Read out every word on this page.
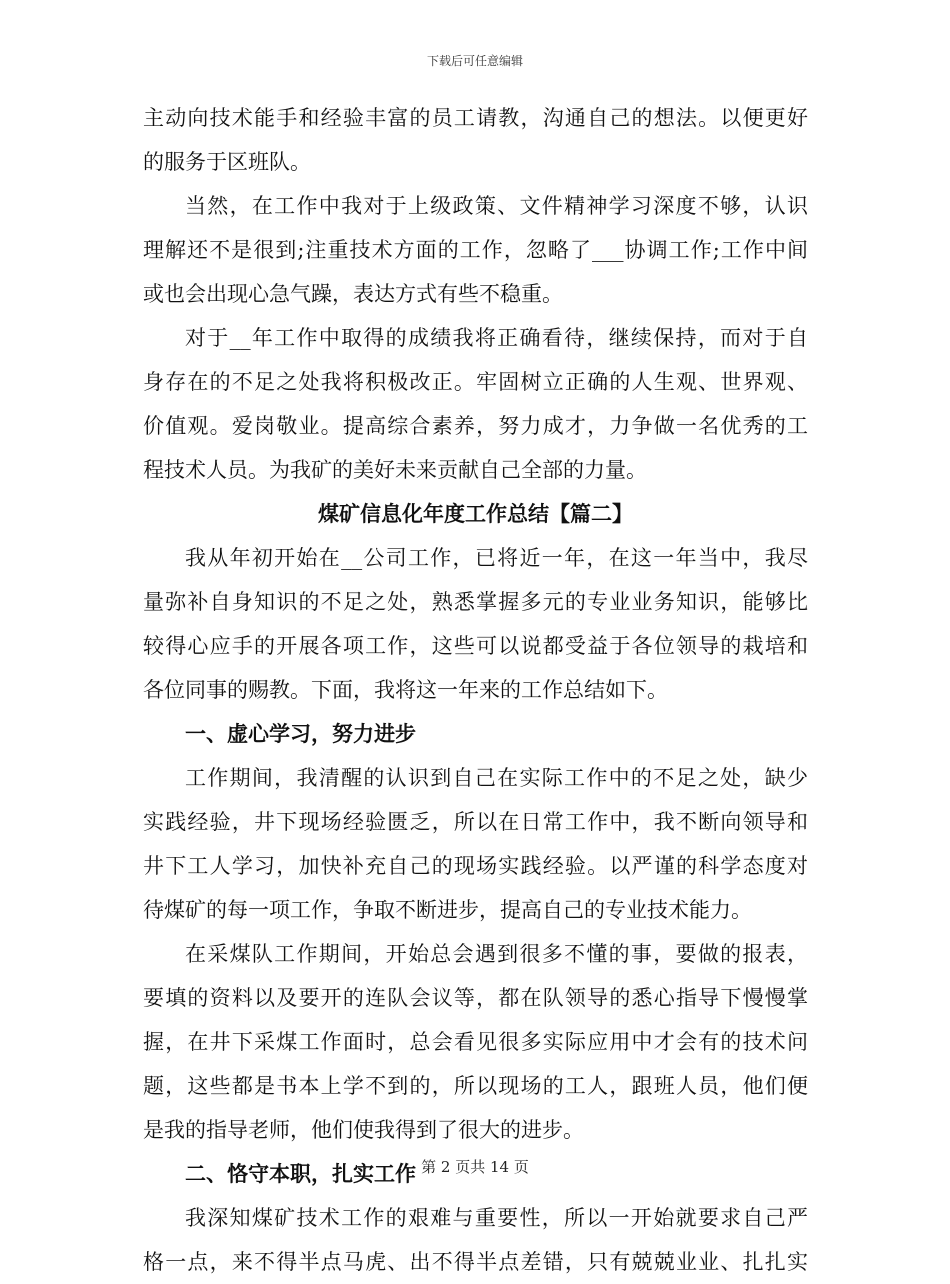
下载后可任意编辑
主动向技术能手和经验丰富的员工请教，沟通自己的想法。以便更好
的服务于区班队。
当然，在工作中我对于上级政策、文件精神学习深度不够，认识
理解还不是很到;注重技术方面的工作，忽略了___协调工作;工作中间
或也会出现心急气躁，表达方式有些不稳重。
对于__年工作中取得的成绩我将正确看待，继续保持，而对于自
身存在的不足之处我将积极改正。牢固树立正确的人生观、世界观、
价值观。爱岗敬业。提高综合素养，努力成才，力争做一名优秀的工
程技术人员。为我矿的美好未来贡献自己全部的力量。
煤矿信息化年度工作总结【篇二】
我从年初开始在__公司工作，已将近一年，在这一年当中，我尽
量弥补自身知识的不足之处，熟悉掌握多元的专业业务知识，能够比
较得心应手的开展各项工作，这些可以说都受益于各位领导的栽培和
各位同事的赐教。下面，我将这一年来的工作总结如下。
一、虚心学习，努力进步
工作期间，我清醒的认识到自己在实际工作中的不足之处，缺少
实践经验，井下现场经验匮乏，所以在日常工作中，我不断向领导和
井下工人学习，加快补充自己的现场实践经验。以严谨的科学态度对
待煤矿的每一项工作，争取不断进步，提高自己的专业技术能力。
在采煤队工作期间，开始总会遇到很多不懂的事，要做的报表，
要填的资料以及要开的连队会议等，都在队领导的悉心指导下慢慢掌
握，在井下采煤工作面时，总会看见很多实际应用中才会有的技术问
题，这些都是书本上学不到的，所以现场的工人，跟班人员，他们便
是我的指导老师，他们使我得到了很大的进步。
二、恪守本职，扎实工作
我深知煤矿技术工作的艰难与重要性，所以一开始就要求自己严
格一点，来不得半点马虎、出不得半点差错，只有兢兢业业、扎扎实
第 2 页共 14 页
